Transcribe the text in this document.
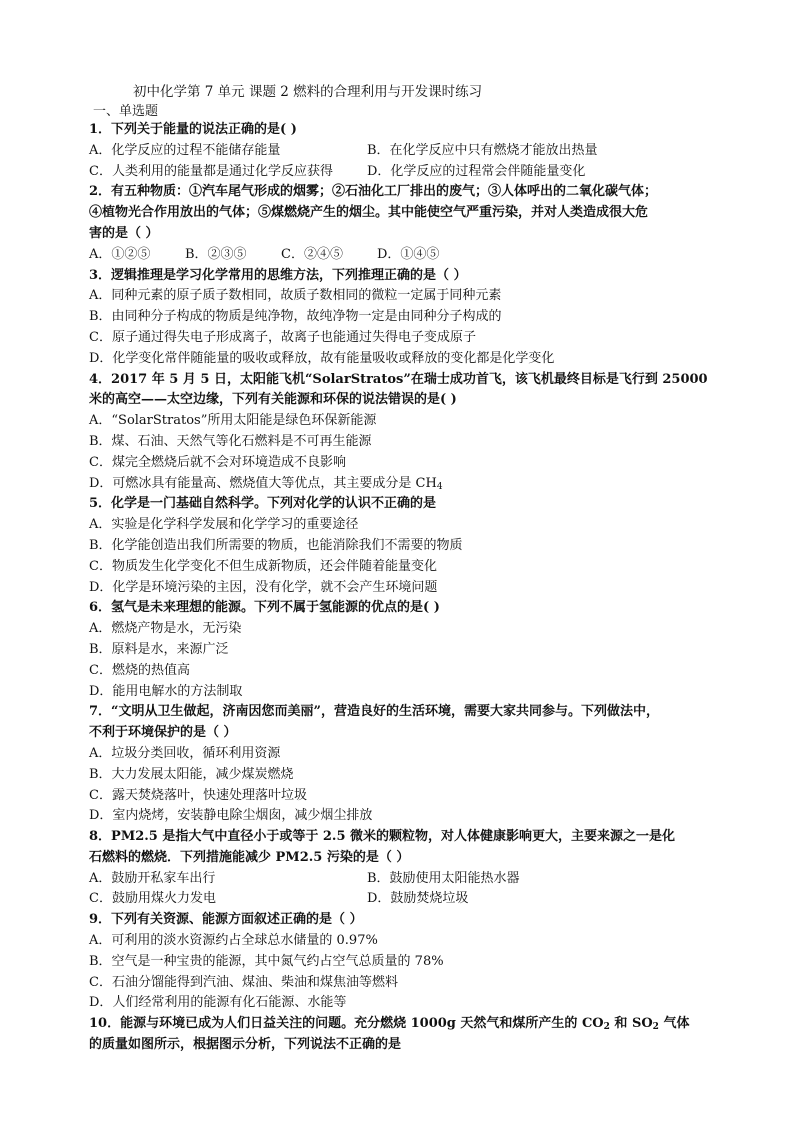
初中化学第 7 单元 课题 2 燃料的合理利用与开发课时练习
一、单选题
1．下列关于能量的说法正确的是( )
A．化学反应的过程不能储存能量	B．在化学反应中只有燃烧才能放出热量
C．人类利用的能量都是通过化学反应获得	D．化学反应的过程常会伴随能量变化
2．有五种物质：①汽车尾气形成的烟雾；②石油化工厂排出的废气；③人体呼出的二氧化碳气体；
④植物光合作用放出的气体；⑤煤燃烧产生的烟尘。其中能使空气严重污染，并对人类造成很大危
害的是（ ）
A．①②⑤	B．②③⑤	C．②④⑤	D．①④⑤
3．逻辑推理是学习化学常用的思维方法，下列推理正确的是（ ）
A．同种元素的原子质子数相同，故质子数相同的微粒一定属于同种元素
B．由同种分子构成的物质是纯净物，故纯净物一定是由同种分子构成的
C．原子通过得失电子形成离子，故离子也能通过失得电子变成原子
D．化学变化常伴随能量的吸收或释放，故有能量吸收或释放的变化都是化学变化
4．2017 年 5 月 5 日，太阳能飞机“SolarStratos”在瑞士成功首飞，该飞机最终目标是飞行到 25000
米的高空——太空边缘，下列有关能源和环保的说法错误的是( )
A．“SolarStratos”所用太阳能是绿色环保新能源
B．煤、石油、天然气等化石燃料是不可再生能源
C．煤完全燃烧后就不会对环境造成不良影响
D．可燃冰具有能量高、燃烧值大等优点，其主要成分是 $CH_4$
5．化学是一门基础自然科学。下列对化学的认识不正确的是
A．实验是化学科学发展和化学学习的重要途径
B．化学能创造出我们所需要的物质，也能消除我们不需要的物质
C．物质发生化学变化不但生成新物质，还会伴随着能量变化
D．化学是环境污染的主因，没有化学，就不会产生环境问题
6．氢气是未来理想的能源。下列不属于氢能源的优点的是( )
A．燃烧产物是水，无污染
B．原料是水，来源广泛
C．燃烧的热值高
D．能用电解水的方法制取
7．“文明从卫生做起，济南因您而美丽”，营造良好的生活环境，需要大家共同参与。下列做法中，
不利于环境保护的是（ ）
A．垃圾分类回收，循环利用资源
B．大力发展太阳能，减少煤炭燃烧
C．露天焚烧落叶，快速处理落叶垃圾
D．室内烧烤，安装静电除尘烟囱，减少烟尘排放
8．PM2.5 是指大气中直径小于或等于 2.5 微米的颗粒物，对人体健康影响更大，主要来源之一是化
石燃料的燃烧．下列措施能减少 PM2.5 污染的是（ ）
A．鼓励开私家车出行	B．鼓励使用太阳能热水器
C．鼓励用煤火力发电	D．鼓励焚烧垃圾
9．下列有关资源、能源方面叙述正确的是（ ）
A．可利用的淡水资源约占全球总水储量的 0.97%
B．空气是一种宝贵的能源，其中氮气约占空气总质量的 78%
C．石油分馏能得到汽油、煤油、柴油和煤焦油等燃料
D．人们经常利用的能源有化石能源、水能等
10．能源与环境已成为人们日益关注的问题。充分燃烧 1000g 天然气和煤所产生的 $CO_2$ 和 $SO_2$ 气体
的质量如图所示，根据图示分析，下列说法不正确的是
